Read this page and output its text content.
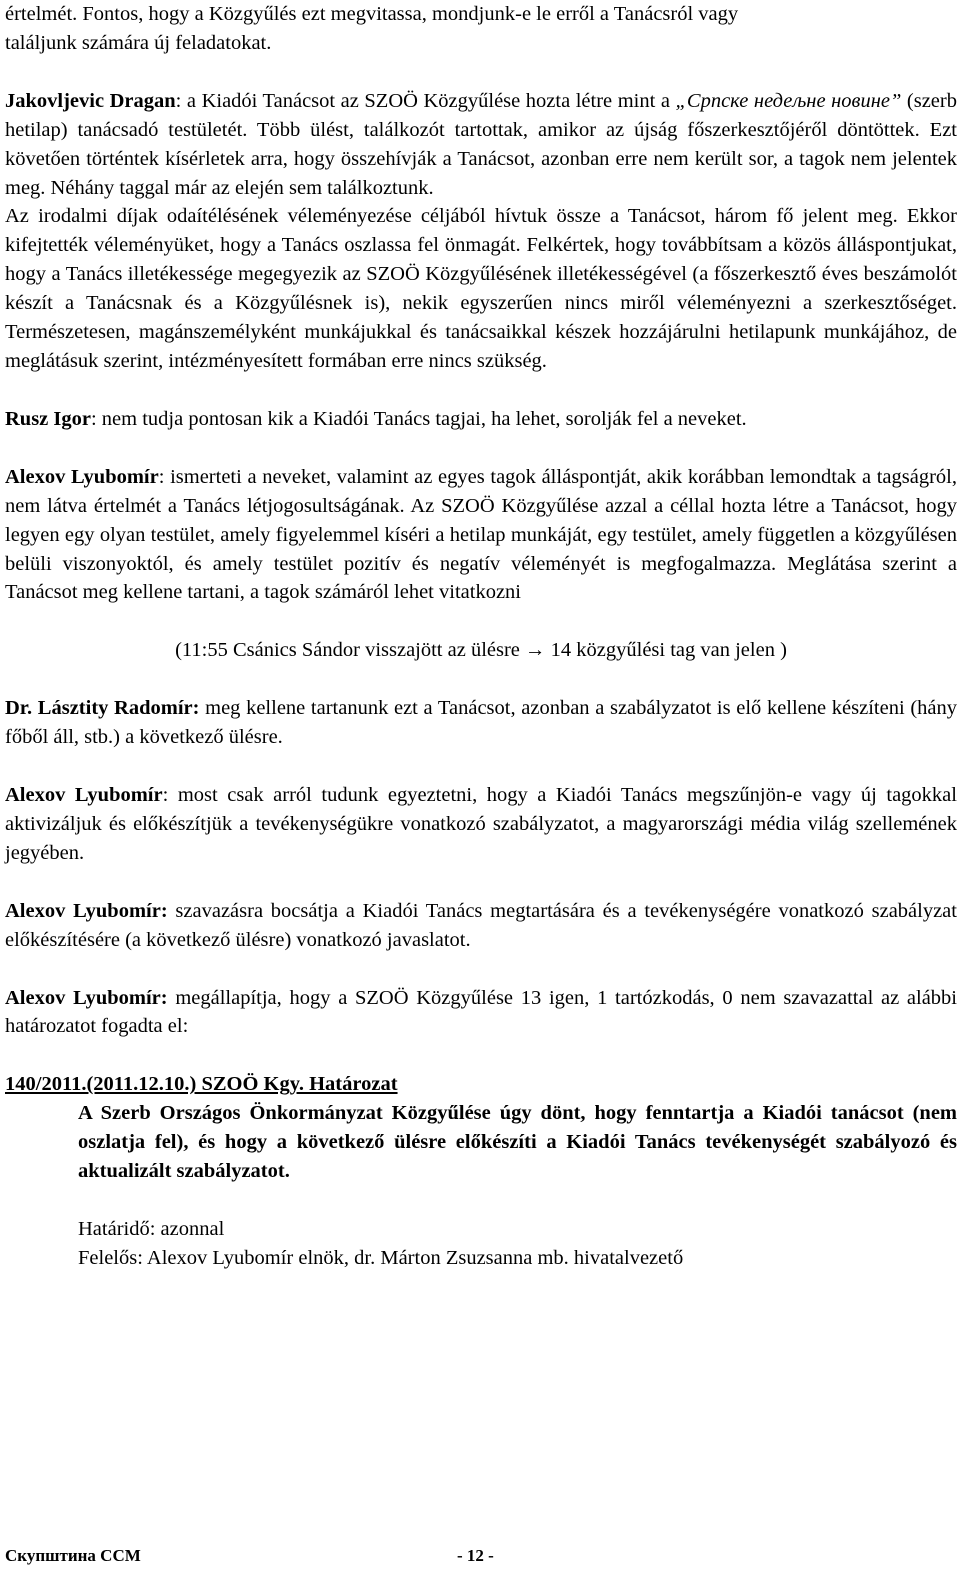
értelmét. Fontos, hogy a Közgyűlés ezt megvitassa, mondjunk-e le erről a Tanácsról vagy
találjunk számára új feladatokat.

Jakovljevic Dragan: a Kiadói Tanácsot az SZOÖ Közgyűlése hozta létre mint a „Српске недељне новине” (szerb hetilap) tanácsadó testületét. Több ülést, találkozót tartottak, amikor az újság főszerkesztőjéről döntöttek. Ezt követően történtek kísérletek arra, hogy összehívják a Tanácsot, azonban erre nem került sor, a tagok nem jelentek meg. Néhány taggal már az elején sem találkoztunk.

Az irodalmi díjak odaítélésének véleményezése céljából hívtuk össze a Tanácsot, három fő jelent meg. Ekkor kifejtették véleményüket, hogy a Tanács oszlassa fel önmagát. Felkértek, hogy továbbítsam a közös álláspontjukat, hogy a Tanács illetékessége megegyezik az SZOÖ Közgyűlésének illetékességével (a főszerkesztő éves beszámolót készít a Tanácsnak és a Közgyűlésnek is), nekik egyszerűen nincs miről véleményezni a szerkesztőséget. Természetesen, magánszemélyként munkájukkal és tanácsaikkal készek hozzájárulni hetilapunk munkájához, de meglátásuk szerint, intézményesített formában erre nincs szükség.

Rusz Igor: nem tudja pontosan kik a Kiadói Tanács tagjai, ha lehet, sorolják fel a neveket.

Alexov Lyubomír: ismerteti a neveket, valamint az egyes tagok álláspontját, akik korábban lemondtak a tagságról, nem látva értelmét a Tanács létjogosultságának. Az SZOÖ Közgyűlése azzal a céllal hozta létre a Tanácsot, hogy legyen egy olyan testület, amely figyelemmel kíséri a hetilap munkáját, egy testület, amely független a közgyűlésen belüli viszonyoktól, és amely testület pozitív és negatív véleményét is megfogalmazza. Meglátása szerint a Tanácsot meg kellene tartani, a tagok számáról lehet vitatkozni

(11:55 Csánics Sándor visszajött az ülésre → 14 közgyűlési tag van jelen )

Dr. Lásztity Radomír: meg kellene tartanunk ezt a Tanácsot, azonban a szabályzatot is elő kellene készíteni (hány főből áll, stb.) a következő ülésre.

Alexov Lyubomír: most csak arról tudunk egyeztetni, hogy a Kiadói Tanács megszűnjön-e vagy új tagokkal aktivizáljuk és előkészítjük a tevékenységükre vonatkozó szabályzatot, a magyarországi média világ szellemének jegyében.

Alexov Lyubomír: szavazásra bocsátja a Kiadói Tanács megtartására és a tevékenységére vonatkozó szabályzat előkészítésére (a következő ülésre) vonatkozó javaslatot.

Alexov Lyubomír: megállapítja, hogy a SZOÖ Közgyűlése 13 igen, 1 tartózkodás, 0 nem szavazattal az alábbi határozatot fogadta el:

140/2011.(2011.12.10.) SZOÖ Kgy. Határozat

A Szerb Országos Önkormányzat Közgyűlése úgy dönt, hogy fenntartja a Kiadói tanácsot (nem oszlatja fel), és hogy a következő ülésre előkészíti a Kiadói Tanács tevékenységét szabályozó és aktualizált szabályzatot.

Határidő: azonnal

Felelős: Alexov Lyubomír elnök, dr. Márton Zsuzsanna mb. hivatalvezető

Скупштина ССМ	- 12 -
